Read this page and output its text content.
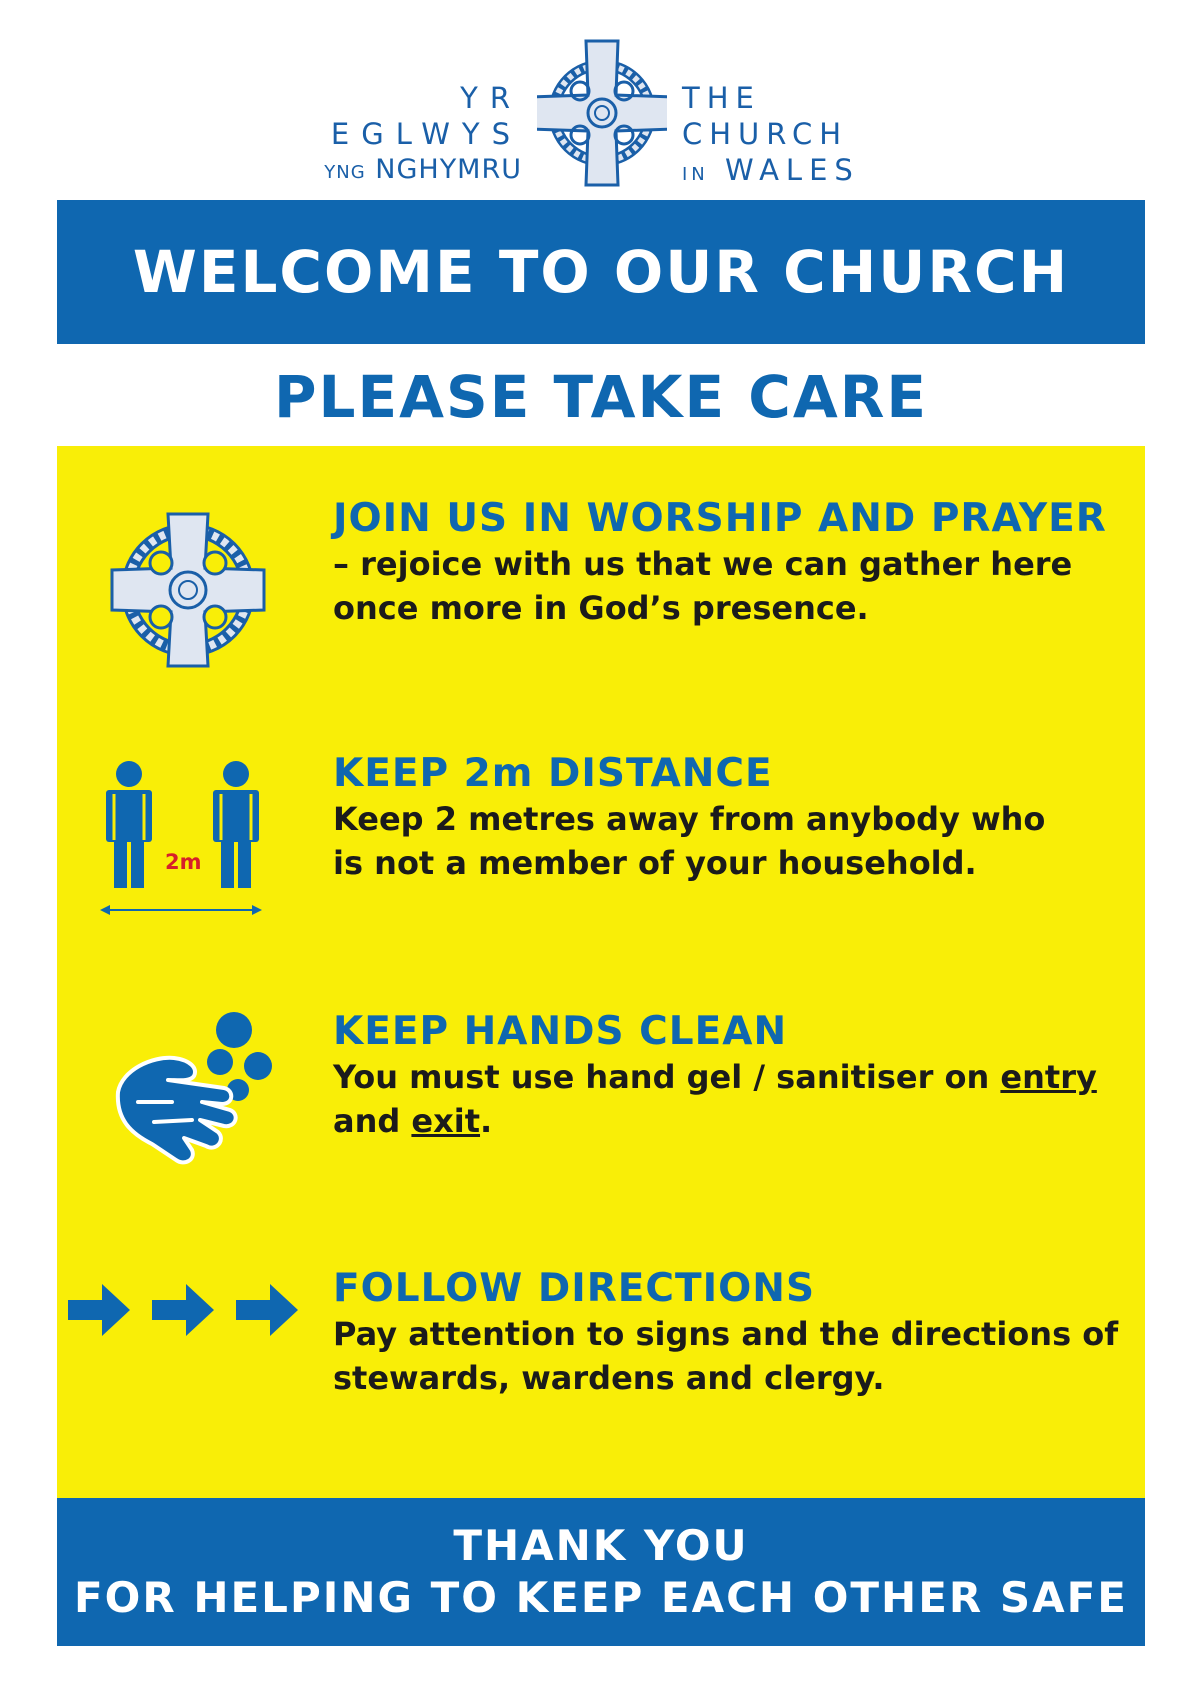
YR EGLWYS
YNG NGHYMRU
THE CHURCH
IN WALES
WELCOME TO OUR CHURCH
PLEASE TAKE CARE
JOIN US IN WORSHIP AND PRAYER

– rejoice with us that we can gather here

once more in God’s presence.

2m
KEEP 2m DISTANCE

Keep 2 metres away from anybody who

is not a member of your household.

KEEP HANDS CLEAN

You must use hand gel / sanitiser on entry

and exit.

FOLLOW DIRECTIONS

Pay attention to signs and the directions of

stewards, wardens and clergy.

THANK YOU
FOR HELPING TO KEEP EACH OTHER SAFE
